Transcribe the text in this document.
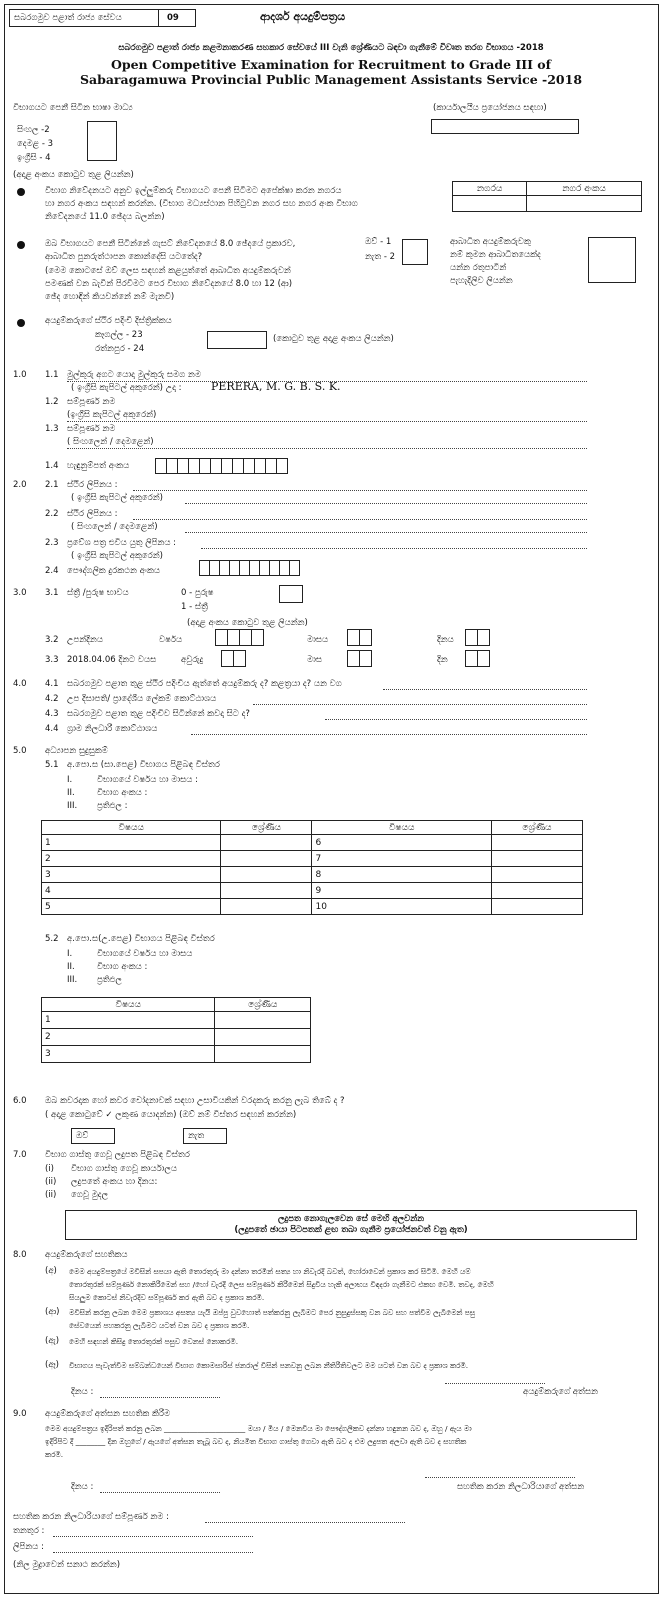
සබරගමුව පළාත් රාජ්‍ය සේවය	09	ආදර්ශ අයදුම්පත්‍රය
සබරගමුව පළාත් රාජ්‍ය කළමනාකරණ සහකාර සේවයේ III වැනි ශ්‍රේණියට බඳවා ගැනීමේ විවෘත තරග විභාගය -2018
Open Competitive Examination for Recruitment to Grade III of
Sabaragamuwa Provincial Public Management Assistants Service -2018
විභාගයට පෙනී සිටින භාෂා මාධ්‍ය	(කාර්යාලයීය ප්‍රයෝජනය සඳහා)
සිංහල -2
දෙමළ - 3
ඉංග්‍රීසි - 4
(අදාළ අංකය කොටුව තුළ ලියන්න)
විභාග නිවේදනයට අනුව ඉල්ලුම්කරු විභාගයට පෙනී සිටීමට අපේක්ෂා කරන නගරය
හා නගර අංකය සඳහන් කරන්න. (විභාග මධ්‍යස්ථාන පිහිටුවන නගර සහ නගර අංක විභාග
නිවේදනයේ 11.0 ඡේදය බලන්න)
නගරය	නගර අංකය

ඔබ විභාගයට පෙනී සිටින්නේ ගැසට් නිවේදනයේ 8.0 ඡේදයේ ප්‍රකාරව,
ආබාධිත පුනරුත්ථාපන කොන්දේසි යටතේද?
(මෙම කොටසේ ඔව් ලෙස සඳහන් කළයුත්තේ ආබාධිත අයදුම්කරුවන්
පමණක් වන බැවින් පිරවීමට පෙර විභාග නිවේදනයේ 8.0 හා 12 (ආ)
ඡේද හොඳින් කියවන්නේ නම් මැනවි)
ඔව් - 1
නැත - 2
ආබාධිත අයදුම්කරුවකු
නම් කුමන ආබාධිතයෙක්ද
යන්න රතුපාටින්
පැහැදිලිව ලියන්න
අයදුම්කරුගේ ස්ථිර පදිංචි දිස්ත්‍රික්කය
කෑගල්ල - 23
රත්නපුර - 24
(කොටුව තුළ අදාළ අංකය ලියන්න)
1.0 1.1 මුල්කුරු අගට යොදා මුල්කුරු සමග නම
( ඉංග්‍රීසි කැපිටල් අකුරෙන්) උදා :	PERERA, M. G. B. S. K.
1.2 සම්පූර්ණ නම
(ඉංග්‍රීසි කැපිටල් අකුරෙන්)
1.3 සම්පූර්ණ නම
( සිංහලෙන් / දෙමළෙන්)
1.4 හැඳුනුම්පත් අංකය
2.0 2.1 ස්ථිර ලිපිනය :
( ඉංග්‍රීසි කැපිටල් අකුරෙන්)
2.2 ස්ථිර ලිපිනය :
( සිංහලෙන් / දෙමළෙන්)
2.3 ප්‍රවේශ පත්‍ර එවිය යුතු ලිපිනය :
( ඉංග්‍රීසි කැපිටල් අකුරෙන්)
2.4 පෞද්ගලික දුරකථන අංකය
3.0 3.1 ස්ත්‍රී /පුරුෂ භාවය	0 - පුරුෂ
1 - ස්ත්‍රී
(අදාළ අංකය කොටුව තුළ ලියන්න)
3.2 උපන්දිනය	වර්ෂය	මාසය	දිනය
3.3 2018.04.06 දිනට වයස	අවුරුදු	මාස	දින
4.0 4.1 සබරගමුව පළාත තුළ ස්ථිර පදිංචිය ඇත්තේ අයදුම්කරු ද? කළත්‍රයා ද? යන වග
4.2 උප දිසාපති/ ප්‍රාදේශීය ලේකම් කොට්ඨාශය
4.3 සබරගමුව පළාත තුළ පදිංචිව සිටින්නේ කවදා සිට ද?
4.4 ග්‍රාම නිලධාරී කොට්ඨාශය
5.0 අධ්‍යාපන සුදුසුකම්
5.1 අ.පො.ස (සා.පෙළ) විභාගය පිළිබඳ විස්තර
I.	විභාගයේ වර්ෂය හා මාසය :
II.	විභාග අංකය :
III. ප්‍රතිඵල :
විෂයය	ශ්‍රේණිය	විෂයය	ශ්‍රේණිය
1		6	
2		7	
3		8	
4		9	
5		10	
5.2 අ.පො.ස(උ.පෙළ) විභාගය පිළිබඳ විස්තර
I.	විභාගයේ වර්ෂය හා මාසය
II.	විභාග අංකය :
III. ප්‍රතිඵල
විෂයය	ශ්‍රේණිය
1	
2	
3	
6.0 ඔබ කවරදාක හෝ කවර චෝදනාවක් සඳහා උසාවියකින් වරදකරු කරනු ලැබ තිබේ ද ?
( අදාළ කොටුවේ ✓ ලකුණ යොදන්න) (ඔව් නම් විස්තර සඳහන් කරන්න)
ඔව්	නැත
7.0 විභාග ගාස්තු ගෙවූ ලදුපත පිළිබඳ විස්තර
(i) විභාග ගාස්තු ගෙවූ කාර්යාලය
(ii) ලදුපතේ අංකය හා දිනය:
(ii) ගෙවූ මුදල
ලදුපත නොගැලවෙන සේ මෙහි අලවන්න
(ලදුපතේ ඡායා පිටපතක් ළඟ තබා ගැනීම ප්‍රයෝජනවත් වනු ඇත)
8.0 අයදුම්කරුගේ සහතිකය
(අ) මෙම අයදුම්පත්‍රයේ මවිසින් සපයා ඇති තොරතුරු මා දන්නා තරමින් සත්‍ය හා නිවැරදි බවත්, හෝරාවෙන් ප්‍රකාශ කර සිටිමි. මෙහි යම්
තොරතුරක් සම්පූර්ණ නොකිරීමෙන් සහ /හෝ වැරදි ලෙස සම්පූර්ණ කිරීමෙන් සිදුවිය හැකි අලාභය විඳදරා ගැනීමට එකඟ වෙමි. තවද, මෙහි
සියලුම කොටස් නිවැරදිව සම්පූර්ණ කර ඇති බව ද ප්‍රකාශ කරමි.
(ආ) මවිසින් කරනු ලබන මෙම ප්‍රකාශය අසත්‍ය යැයි ඔප්පු වුවහොත් පත්කරනු ලැබීමට පෙර නුසුදුස්සකු වන බව සහ පත්වීම ලැබීමෙන් පසු
සේවයෙන් පහකරනු ලැබීමට යටත් වන බව ද ප්‍රකාශ කරමි.
(ඇ) මෙහි සඳහන් කිසිදු තොරතුරක් පසුව වෙනස් නොකරමි.
(ඈ) විභාගය පැවැත්වීම සම්බන්ධයෙන් විභාග කොමසාරිස් ජනරාල් විසින් පනවනු ලබන නීතිරීතිවලට මම යටත් වන බව ද ප්‍රකාශ කරමි.
දිනය :	අයදුම්කරුගේ අත්සන
9.0 අයදුම්කරුගේ අත්සන සහතික කිරීම
මෙම අයදුම්පත්‍රය ඉදිරිපත් කරනු ලබන ______________________ මයා / මිය / මෙනවිය මා පෞද්ගලිකව දන්නා හඳුනන බව ද, ඔහු / ඇය මා
ඉදිරිපිට දී ________ දින ඔහුගේ / ඇයගේ අත්සන තැබූ බව ද, නියමිත විභාග ගාස්තු ගෙවා ඇති බව ද එම ලදුපත අලවා ඇති බව ද සහතික
කරමි.
දිනය :	සහතික කරන නිලධාරියාගේ අත්සන
සහතික කරන නිලධාරියාගේ සම්පූර්ණ නම :
තනතුර :
ලිපිනය :
(නිල මුද්‍රාවෙන් සනාථ කරන්න)
